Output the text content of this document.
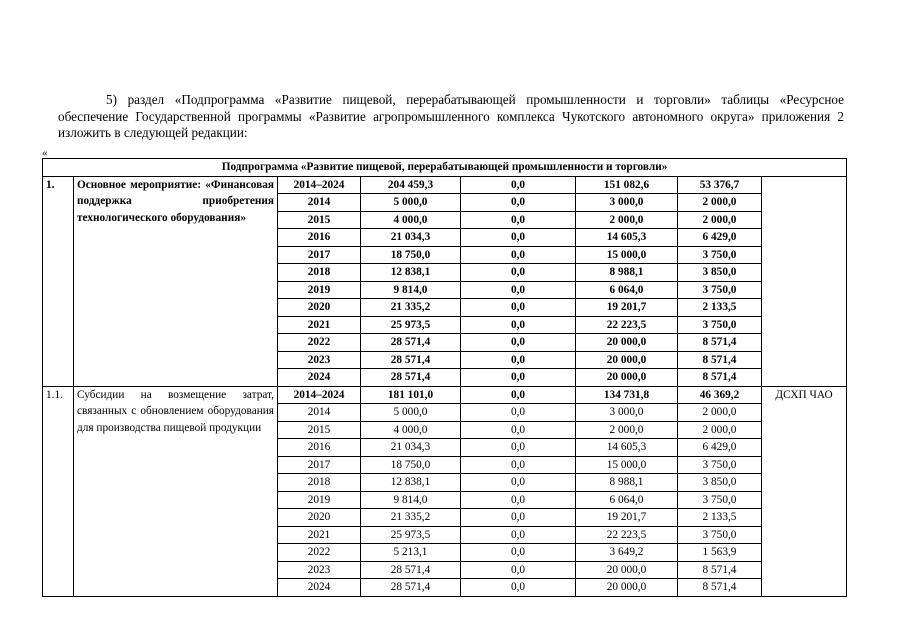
5) раздел «Подпрограмма «Развитие пищевой, перерабатывающей промышленности и торговли» таблицы «Ресурсное обеспечение Государственной программы «Развитие агропромышленного комплекса Чукотского автономного округа» приложения 2 изложить в следующей редакции:

«
Подпрограмма «Развитие пищевой, перерабатывающей промышленности и торговли»							
1.	Основное мероприятие: «Финансовая поддержка приобретения технологического оборудования»	2014–2024	204 459,3	0,0	151 082,6	53 376,7	
		2014	5 000,0	0,0	3 000,0	2 000,0	
		2015	4 000,0	0,0	2 000,0	2 000,0	
		2016	21 034,3	0,0	14 605,3	6 429,0	
		2017	18 750,0	0,0	15 000,0	3 750,0	
		2018	12 838,1	0,0	8 988,1	3 850,0	
		2019	9 814,0	0,0	6 064,0	3 750,0	
		2020	21 335,2	0,0	19 201,7	2 133,5	
		2021	25 973,5	0,0	22 223,5	3 750,0	
		2022	28 571,4	0,0	20 000,0	8 571,4	
		2023	28 571,4	0,0	20 000,0	8 571,4	
		2024	28 571,4	0,0	20 000,0	8 571,4	
1.1.	Субсидии на возмещение затрат, связанных с обновлением оборудования для производства пищевой продукции	2014–2024	181 101,0	0,0	134 731,8	46 369,2	ДСХП ЧАО
		2014	5 000,0	0,0	3 000,0	2 000,0	
		2015	4 000,0	0,0	2 000,0	2 000,0	
		2016	21 034,3	0,0	14 605,3	6 429,0	
		2017	18 750,0	0,0	15 000,0	3 750,0	
		2018	12 838,1	0,0	8 988,1	3 850,0	
		2019	9 814,0	0,0	6 064,0	3 750,0	
		2020	21 335,2	0,0	19 201,7	2 133,5	
		2021	25 973,5	0,0	22 223,5	3 750,0	
		2022	5 213,1	0,0	3 649,2	1 563,9	
		2023	28 571,4	0,0	20 000,0	8 571,4	
		2024	28 571,4	0,0	20 000,0	8 571,4	
